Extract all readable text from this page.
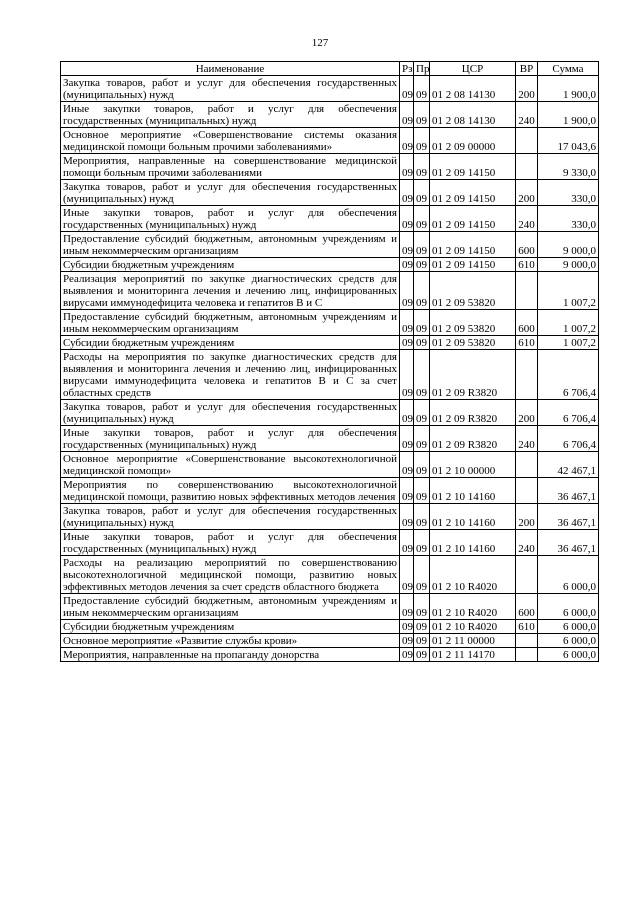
127
Наименование	Рз	Пр	ЦСР	ВР	Сумма
Закупка товаров, работ и услуг для обеспечения государственных (муниципальных) нужд	09	09	01 2 08 14130	200	1 900,0
Иные закупки товаров, работ и услуг для обеспечения государственных (муниципальных) нужд	09	09	01 2 08 14130	240	1 900,0
Основное мероприятие «Совершенствование системы оказания медицинской помощи больным прочими заболеваниями»	09	09	01 2 09 00000		17 043,6
Мероприятия, направленные на совершенствование медицинской помощи больным прочими заболеваниями	09	09	01 2 09 14150		9 330,0
Закупка товаров, работ и услуг для обеспечения государственных (муниципальных) нужд	09	09	01 2 09 14150	200	330,0
Иные закупки товаров, работ и услуг для обеспечения государственных (муниципальных) нужд	09	09	01 2 09 14150	240	330,0
Предоставление субсидий бюджетным, автономным учреждениям и иным некоммерческим организациям	09	09	01 2 09 14150	600	9 000,0
Субсидии бюджетным учреждениям	09	09	01 2 09 14150	610	9 000,0
Реализация мероприятий по закупке диагностических средств для выявления и мониторинга лечения и лечению лиц, инфицированных вирусами иммунодефицита человека и гепатитов В и С	09	09	01 2 09 53820		1 007,2
Предоставление субсидий бюджетным, автономным учреждениям и иным некоммерческим организациям	09	09	01 2 09 53820	600	1 007,2
Субсидии бюджетным учреждениям	09	09	01 2 09 53820	610	1 007,2
Расходы на мероприятия по закупке диагностических средств для выявления и мониторинга лечения и лечению лиц, инфицированных вирусами иммунодефицита человека и гепатитов В и С за счет областных средств	09	09	01 2 09 R3820		6 706,4
Закупка товаров, работ и услуг для обеспечения государственных (муниципальных) нужд	09	09	01 2 09 R3820	200	6 706,4
Иные закупки товаров, работ и услуг для обеспечения государственных (муниципальных) нужд	09	09	01 2 09 R3820	240	6 706,4
Основное мероприятие «Совершенствование высокотехнологичной медицинской помощи»	09	09	01 2 10 00000		42 467,1
Мероприятия по совершенствованию высокотехнологичной медицинской помощи, развитию новых эффективных методов лечения	09	09	01 2 10 14160		36 467,1
Закупка товаров, работ и услуг для обеспечения государственных (муниципальных) нужд	09	09	01 2 10 14160	200	36 467,1
Иные закупки товаров, работ и услуг для обеспечения государственных (муниципальных) нужд	09	09	01 2 10 14160	240	36 467,1
Расходы на реализацию мероприятий по совершенствованию высокотехнологичной медицинской помощи, развитию новых эффективных методов лечения за счет средств областного бюджета	09	09	01 2 10 R4020		6 000,0
Предоставление субсидий бюджетным, автономным учреждениям и иным некоммерческим организациям	09	09	01 2 10 R4020	600	6 000,0
Субсидии бюджетным учреждениям	09	09	01 2 10 R4020	610	6 000,0
Основное мероприятие «Развитие службы крови»	09	09	01 2 11 00000		6 000,0
Мероприятия, направленные на пропаганду донорства	09	09	01 2 11 14170		6 000,0
